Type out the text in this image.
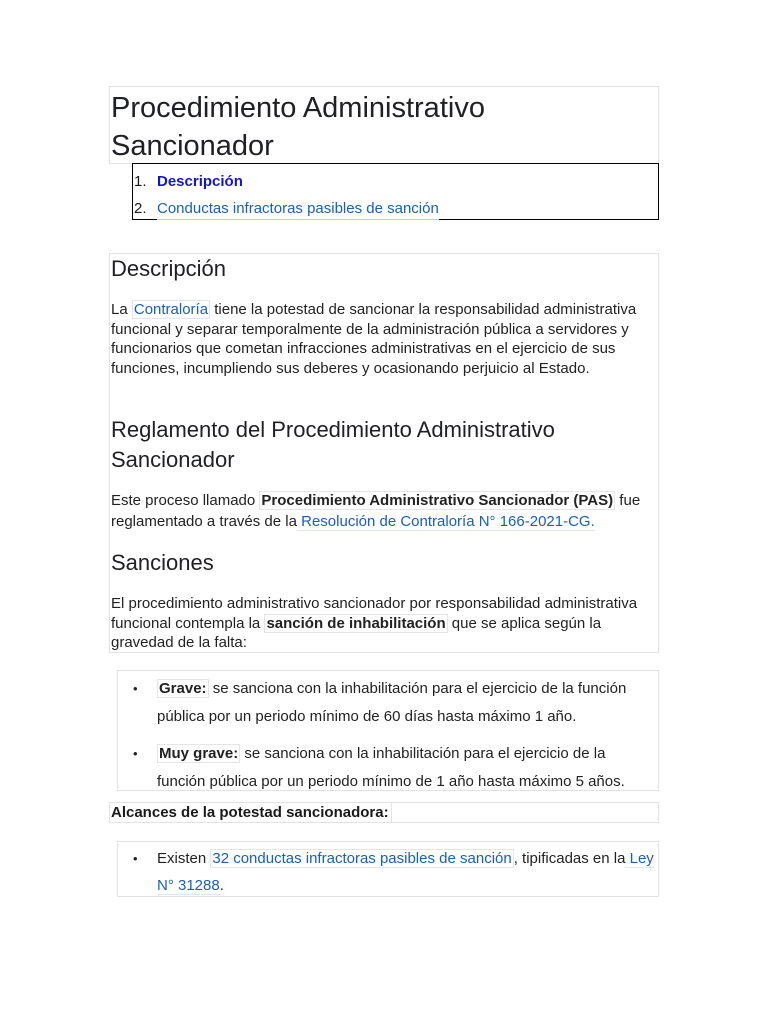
Procedimiento Administrativo
Sancionador
1. Descripción
2. Conductas infractoras pasibles de sanción
Descripción

La Contraloría tiene la potestad de sancionar la responsabilidad administrativa funcional y separar temporalmente de la administración pública a servidores y funcionarios que cometan infracciones administrativas en el ejercicio de sus funciones, incumpliendo sus deberes y ocasionando perjuicio al Estado.

Reglamento del Procedimiento Administrativo
Sancionador

Este proceso llamado Procedimiento Administrativo Sancionador (PAS) fue reglamentado a través de la Resolución de Contraloría N° 166-2021-CG.

Sanciones

El procedimiento administrativo sancionador por responsabilidad administrativa funcional contempla la sanción de inhabilitación que se aplica según la gravedad de la falta:

• Grave: se sanciona con la inhabilitación para el ejercicio de la función pública por un periodo mínimo de 60 días hasta máximo 1 año.
• Muy grave: se sanciona con la inhabilitación para el ejercicio de la función pública por un periodo mínimo de 1 año hasta máximo 5 años.
Alcances de la potestad sancionadora:
• Existen 32 conductas infractoras pasibles de sanción , tipificadas en la Ley N° 31288.
